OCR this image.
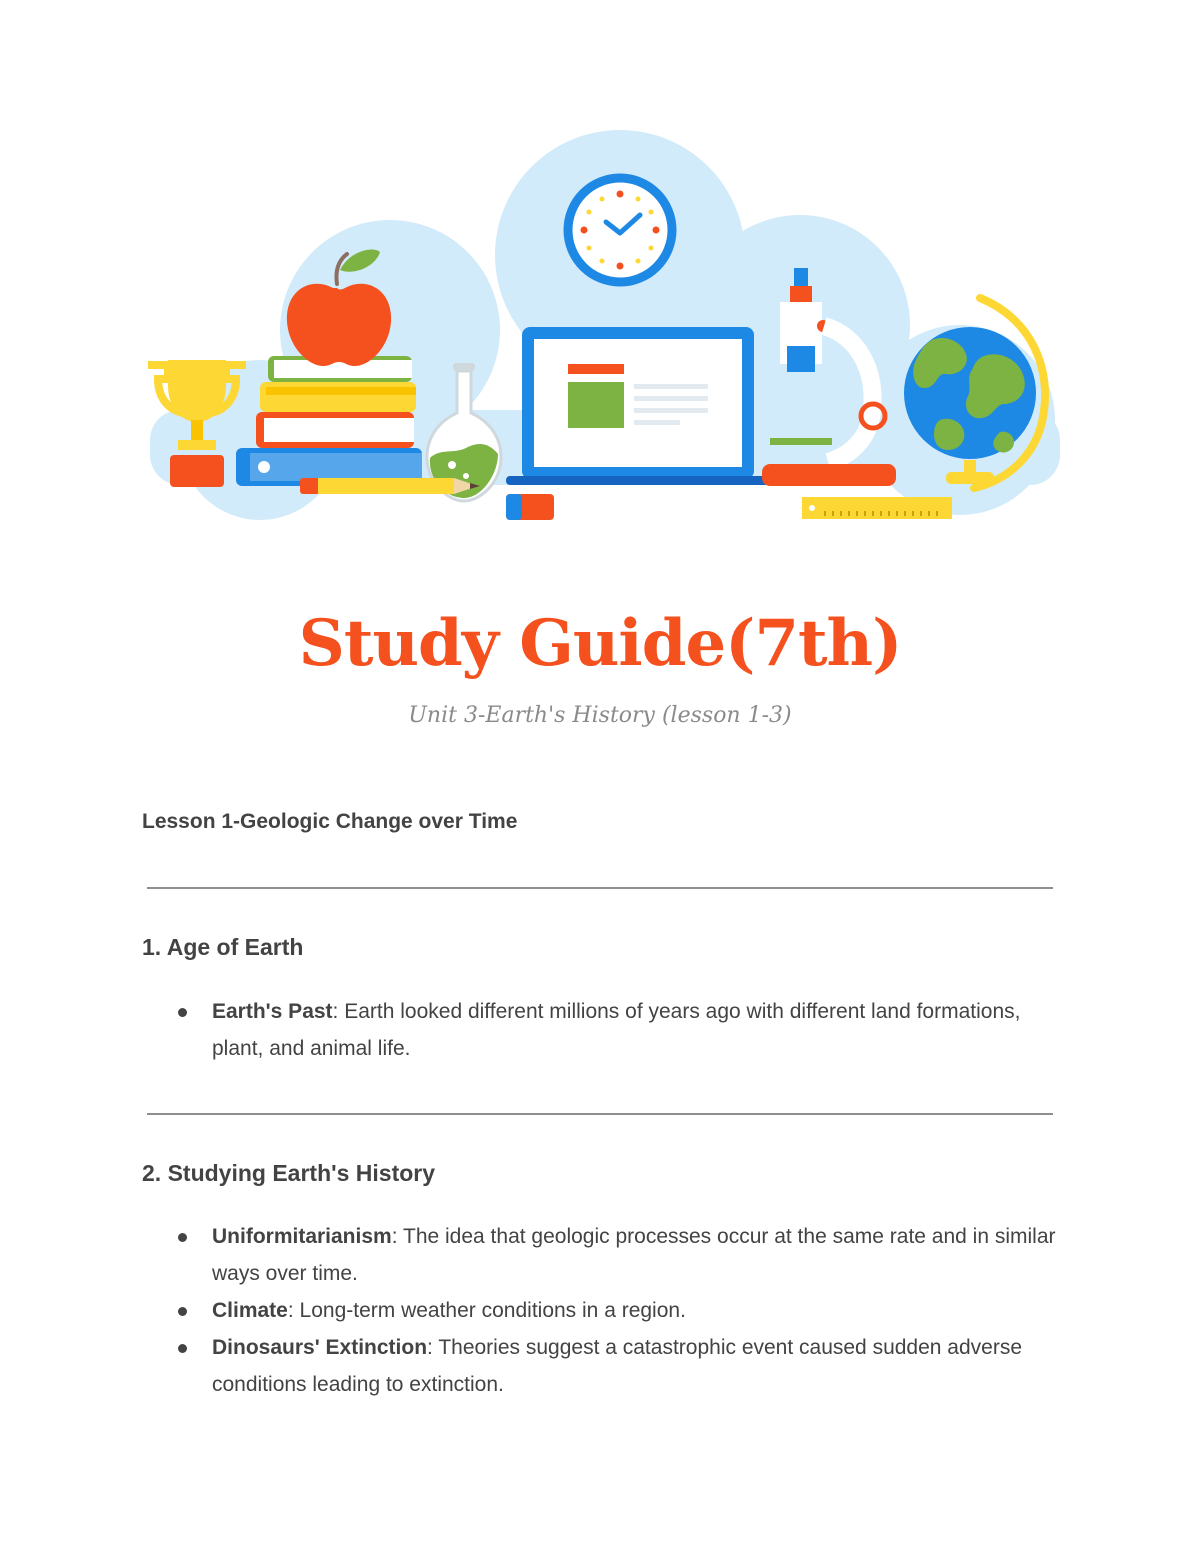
Study Guide(7th)
Unit 3-Earth's History (lesson 1-3)
Lesson 1-Geologic Change over Time
1. Age of Earth
Earth's Past: Earth looked different millions of years ago with different land formations, plant, and animal life.
2. Studying Earth's History
Uniformitarianism: The idea that geologic processes occur at the same rate and in similar ways over time.
Climate: Long-term weather conditions in a region.
Dinosaurs' Extinction: Theories suggest a catastrophic event caused sudden adverse conditions leading to extinction.
